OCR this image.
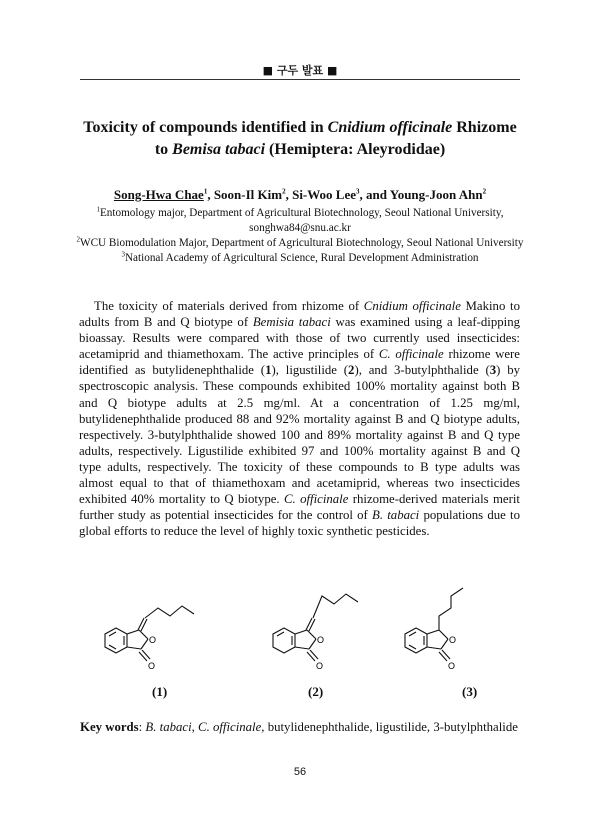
■ 구두 발표 ■
Toxicity of compounds identified in Cnidium officinale Rhizome
to Bemisa tabaci (Hemiptera: Aleyrodidae)
Song-Hwa Chae$^1$, Soon-Il Kim$^2$, Si-Woo Lee$^3$, and Young-Joon Ahn$^2$
$^1$Entomology major, Department of Agricultural Biotechnology, Seoul National University,
songhwa84@snu.ac.kr
$^2$WCU Biomodulation Major, Department of Agricultural Biotechnology, Seoul National University
$^3$National Academy of Agricultural Science, Rural Development Administration

The toxicity of materials derived from rhizome of Cnidium officinale Makino to adults from B and Q biotype of Bemisia tabaci was examined using a leaf-dipping bioassay. Results were compared with those of two currently used insecticides: acetamiprid and thiamethoxam. The active principles of C. officinale rhizome were identified as butylidenephthalide (1), ligustilide (2), and 3-butylphthalide (3) by spectroscopic analysis. These compounds exhibited 100% mortality against both B and Q biotype adults at 2.5 mg/ml. At a concentration of 1.25 mg/ml, butylidenephthalide produced 88 and 92% mortality against B and Q biotype adults, respectively. 3-butylphthalide showed 100 and 89% mortality against B and Q type adults, respectively. Ligustilide exhibited 97 and 100% mortality against B and Q type adults, respectively. The toxicity of these compounds to B type adults was almost equal to that of thiamethoxam and acetamiprid, whereas two insecticides exhibited 40% mortality to Q biotype. C. officinale rhizome-derived materials merit further study as potential insecticides for the control of B. tabaci populations due to global efforts to reduce the level of highly toxic synthetic pesticides.

O
O
O
O
O
O
(1)	(2)	(3)
Key words: B. tabaci, C. officinale, butylidenephthalide, ligustilide, 3-butylphthalide
56
